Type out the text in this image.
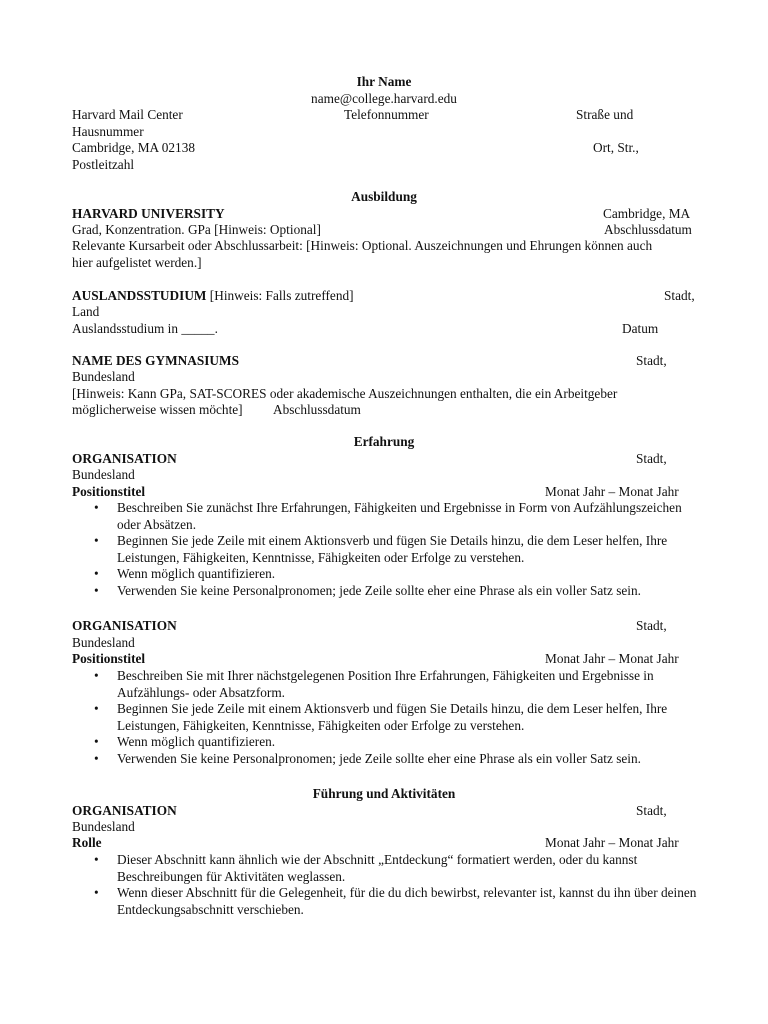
Ihr Name
name@college.harvard.edu
Harvard Mail Center	Telefonnummer	Straße und
Hausnummer
Cambridge, MA 02138	Ort, Str.,
Postleitzahl
Ausbildung
HARVARD UNIVERSITY	Cambridge, MA
Grad, Konzentration. GPa [Hinweis: Optional]	Abschlussdatum
Relevante Kursarbeit oder Abschlussarbeit: [Hinweis: Optional. Auszeichnungen und Ehrungen können auch
hier aufgelistet werden.]
AUSLANDSSTUDIUM [Hinweis: Falls zutreffend]	Stadt,
Land
Auslandsstudium in _____.	Datum
NAME DES GYMNASIUMS	Stadt,
Bundesland
[Hinweis: Kann GPa, SAT-SCORES oder akademische Auszeichnungen enthalten, die ein Arbeitgeber
möglicherweise wissen möchte] Abschlussdatum
Erfahrung
ORGANISATION	Stadt,
Bundesland
Positionstitel	Monat Jahr – Monat Jahr
• Beschreiben Sie zunächst Ihre Erfahrungen, Fähigkeiten und Ergebnisse in Form von Aufzählungszeichen oder Absätzen.
• Beginnen Sie jede Zeile mit einem Aktionsverb und fügen Sie Details hinzu, die dem Leser helfen, Ihre Leistungen, Fähigkeiten, Kenntnisse, Fähigkeiten oder Erfolge zu verstehen.
• Wenn möglich quantifizieren.
• Verwenden Sie keine Personalpronomen; jede Zeile sollte eher eine Phrase als ein voller Satz sein.
ORGANISATION	Stadt,
Bundesland
Positionstitel	Monat Jahr – Monat Jahr
• Beschreiben Sie mit Ihrer nächstgelegenen Position Ihre Erfahrungen, Fähigkeiten und Ergebnisse in Aufzählungs- oder Absatzform.
• Beginnen Sie jede Zeile mit einem Aktionsverb und fügen Sie Details hinzu, die dem Leser helfen, Ihre Leistungen, Fähigkeiten, Kenntnisse, Fähigkeiten oder Erfolge zu verstehen.
• Wenn möglich quantifizieren.
• Verwenden Sie keine Personalpronomen; jede Zeile sollte eher eine Phrase als ein voller Satz sein.
Führung und Aktivitäten
ORGANISATION	Stadt,
Bundesland
Rolle	Monat Jahr – Monat Jahr
• Dieser Abschnitt kann ähnlich wie der Abschnitt „Entdeckung“ formatiert werden, oder du kannst Beschreibungen für Aktivitäten weglassen.
• Wenn dieser Abschnitt für die Gelegenheit, für die du dich bewirbst, relevanter ist, kannst du ihn über deinen Entdeckungsabschnitt verschieben.
